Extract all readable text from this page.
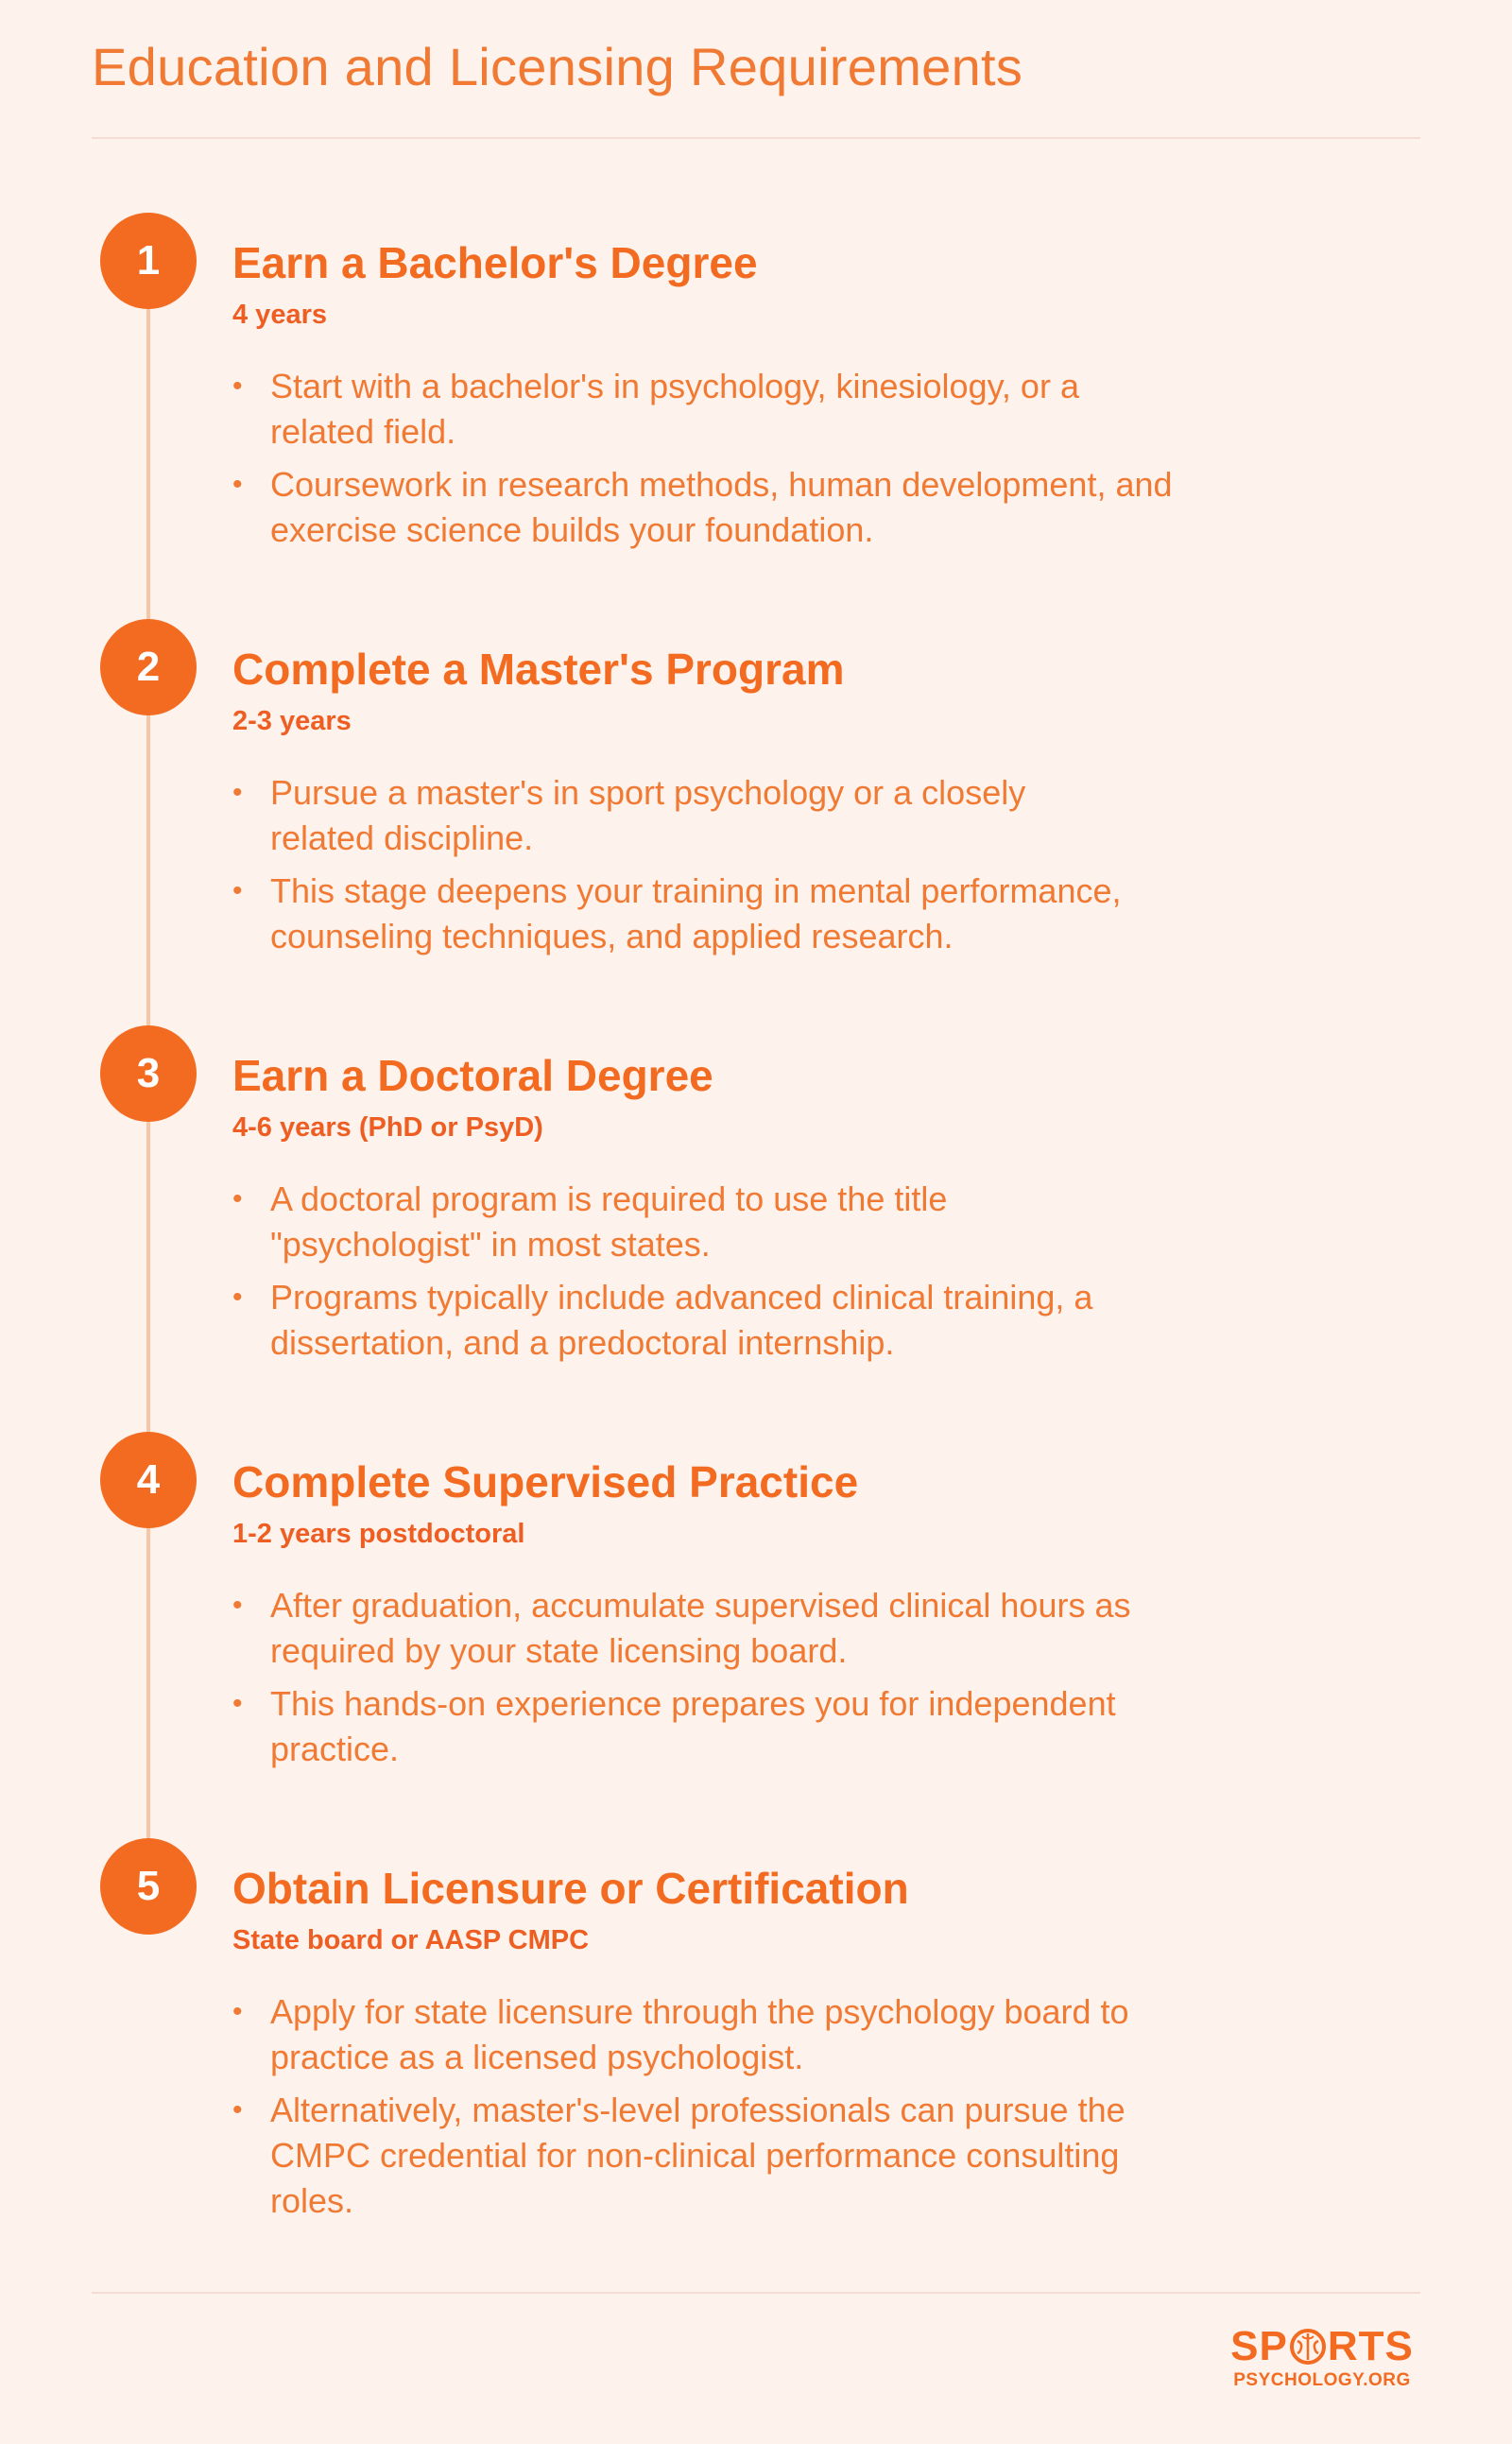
Education and Licensing Requirements
1	Earn a Bachelor's Degree
4 years
• Start with a bachelor's in psychology, kinesiology, or a related field.
• Coursework in research methods, human development, and exercise science builds your foundation.
2	Complete a Master's Program
2-3 years
• Pursue a master's in sport psychology or a closely related discipline.
• This stage deepens your training in mental performance, counseling techniques, and applied research.
3	Earn a Doctoral Degree
4-6 years (PhD or PsyD)
• A doctoral program is required to use the title "psychologist" in most states.
• Programs typically include advanced clinical training, a dissertation, and a predoctoral internship.
4	Complete Supervised Practice
1-2 years postdoctoral
• After graduation, accumulate supervised clinical hours as required by your state licensing board.
• This hands-on experience prepares you for independent practice.
5	Obtain Licensure or Certification
State board or AASP CMPC
• Apply for state licensure through the psychology board to practice as a licensed psychologist.
• Alternatively, master's-level professionals can pursue the CMPC credential for non-clinical performance consulting roles.
SP RTS
PSYCHOLOGY.ORG
